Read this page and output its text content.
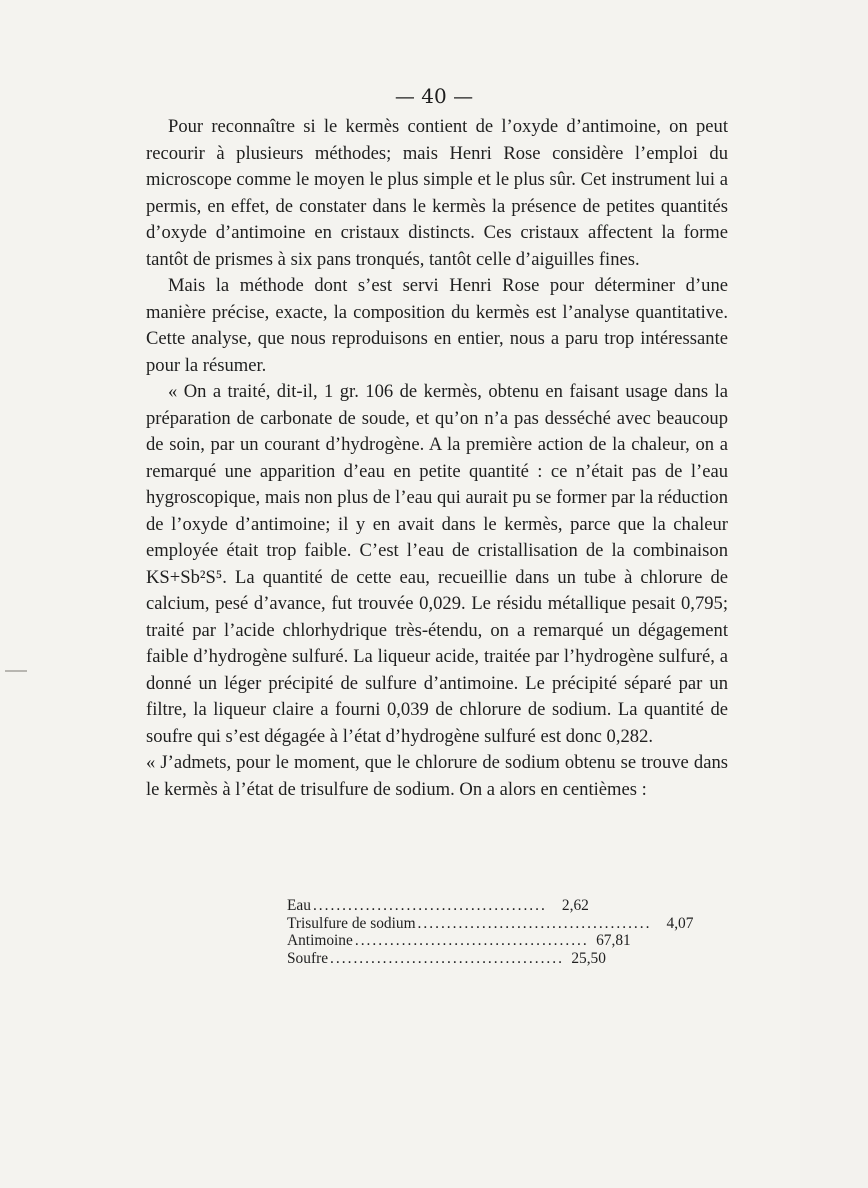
— 40 —

Pour reconnaître si le kermès contient de l’oxyde d’antimoine, on peut recourir à plusieurs méthodes; mais Henri Rose considère l’emploi du microscope comme le moyen le plus simple et le plus sûr. Cet instrument lui a permis, en effet, de constater dans le kermès la présence de petites quantités d’oxyde d’antimoine en cristaux distincts. Ces cristaux affectent la forme tantôt de prismes à six pans tronqués, tantôt celle d’aiguilles fines.

Mais la méthode dont s’est servi Henri Rose pour déterminer d’une manière précise, exacte, la composition du kermès est l’analyse quantitative. Cette analyse, que nous reproduisons en entier, nous a paru trop intéressante pour la résumer.

« On a traité, dit-il, 1 gr. 106 de kermès, obtenu en faisant usage dans la préparation de carbonate de soude, et qu’on n’a pas desséché avec beaucoup de soin, par un courant d’hydrogène. A la première action de la chaleur, on a remarqué une apparition d’eau en petite quantité : ce n’était pas de l’eau hygroscopique, mais non plus de l’eau qui aurait pu se former par la réduction de l’oxyde d’antimoine; il y en avait dans le kermès, parce que la chaleur employée était trop faible. C’est l’eau de cristallisation de la combinaison KS+Sb²S⁵. La quantité de cette eau, recueillie dans un tube à chlorure de calcium, pesé d’avance, fut trouvée 0,029. Le résidu métallique pesait 0,795; traité par l’acide chlorhydrique très-étendu, on a remarqué un dégagement faible d’hydrogène sulfuré. La liqueur acide, traitée par l’hydrogène sulfuré, a donné un léger précipité de sulfure d’antimoine. Le précipité séparé par un filtre, la liqueur claire a fourni 0,039 de chlorure de sodium. La quantité de soufre qui s’est dégagée à l’état d’hydrogène sulfuré est donc 0,282.

« J’admets, pour le moment, que le chlorure de sodium obtenu se trouve dans le kermès à l’état de trisulfure de sodium. On a alors en centièmes :

Eau ........................................ 2,62
Trisulfure de sodium ........................................ 4,07
Antimoine ........................................ 67,81
Soufre ........................................ 25,50
